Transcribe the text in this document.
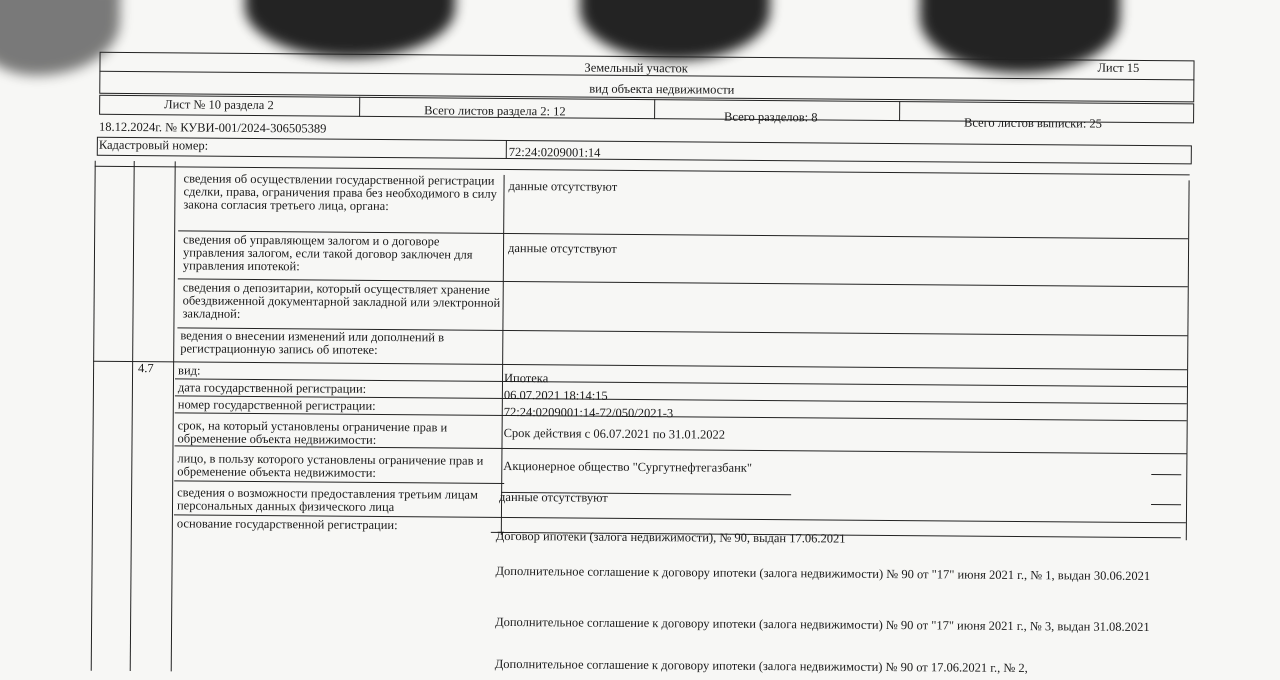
Лист 15
Земельный участок
вид объекта недвижимости
Лист № 10 раздела 2	Всего листов раздела 2: 12	Всего разделов: 8	Всего листов выписки: 25
18.12.2024г. № КУВИ-001/2024-306505389
Кадастровый номер:	72:24:0209001:14
сведения об осуществлении государственной регистрации сделки, права, ограничения права без необходимого в силу закона согласия третьего лица, органа:
данные отсутствуют
сведения об управляющем залогом и о договоре управления залогом, если такой договор заключен для управления ипотекой:
данные отсутствуют
сведения о депозитарии, который осуществляет хранение обездвиженной документарной закладной или электронной закладной:
ведения о внесении изменений или дополнений в регистрационную запись об ипотеке:
4.7 вид:
Ипотека
дата государственной регистрации:	06.07.2021 18:14:15
номер государственной регистрации:	72:24:0209001:14-72/050/2021-3
срок, на который установлены ограничение прав и обременение объекта недвижимости:	Срок действия с 06.07.2021 по 31.01.2022
лицо, в пользу которого установлены ограничение прав и обременение объекта недвижимости:	Акционерное общество "Сургутнефтегазбанк"
сведения о возможности предоставления третьим лицам персональных данных физического лица
данные отсутствуют
основание государственной регистрации:
Договор ипотеки (залога недвижимости), № 90, выдан 17.06.2021
Дополнительное соглашение к договору ипотеки (залога недвижимости) № 90 от "17" июня 2021 г., № 1, выдан 30.06.2021
Дополнительное соглашение к договору ипотеки (залога недвижимости) № 90 от "17" июня 2021 г., № 3, выдан 31.08.2021
Дополнительное соглашение к договору ипотеки (залога недвижимости) № 90 от 17.06.2021 г., № 2,
